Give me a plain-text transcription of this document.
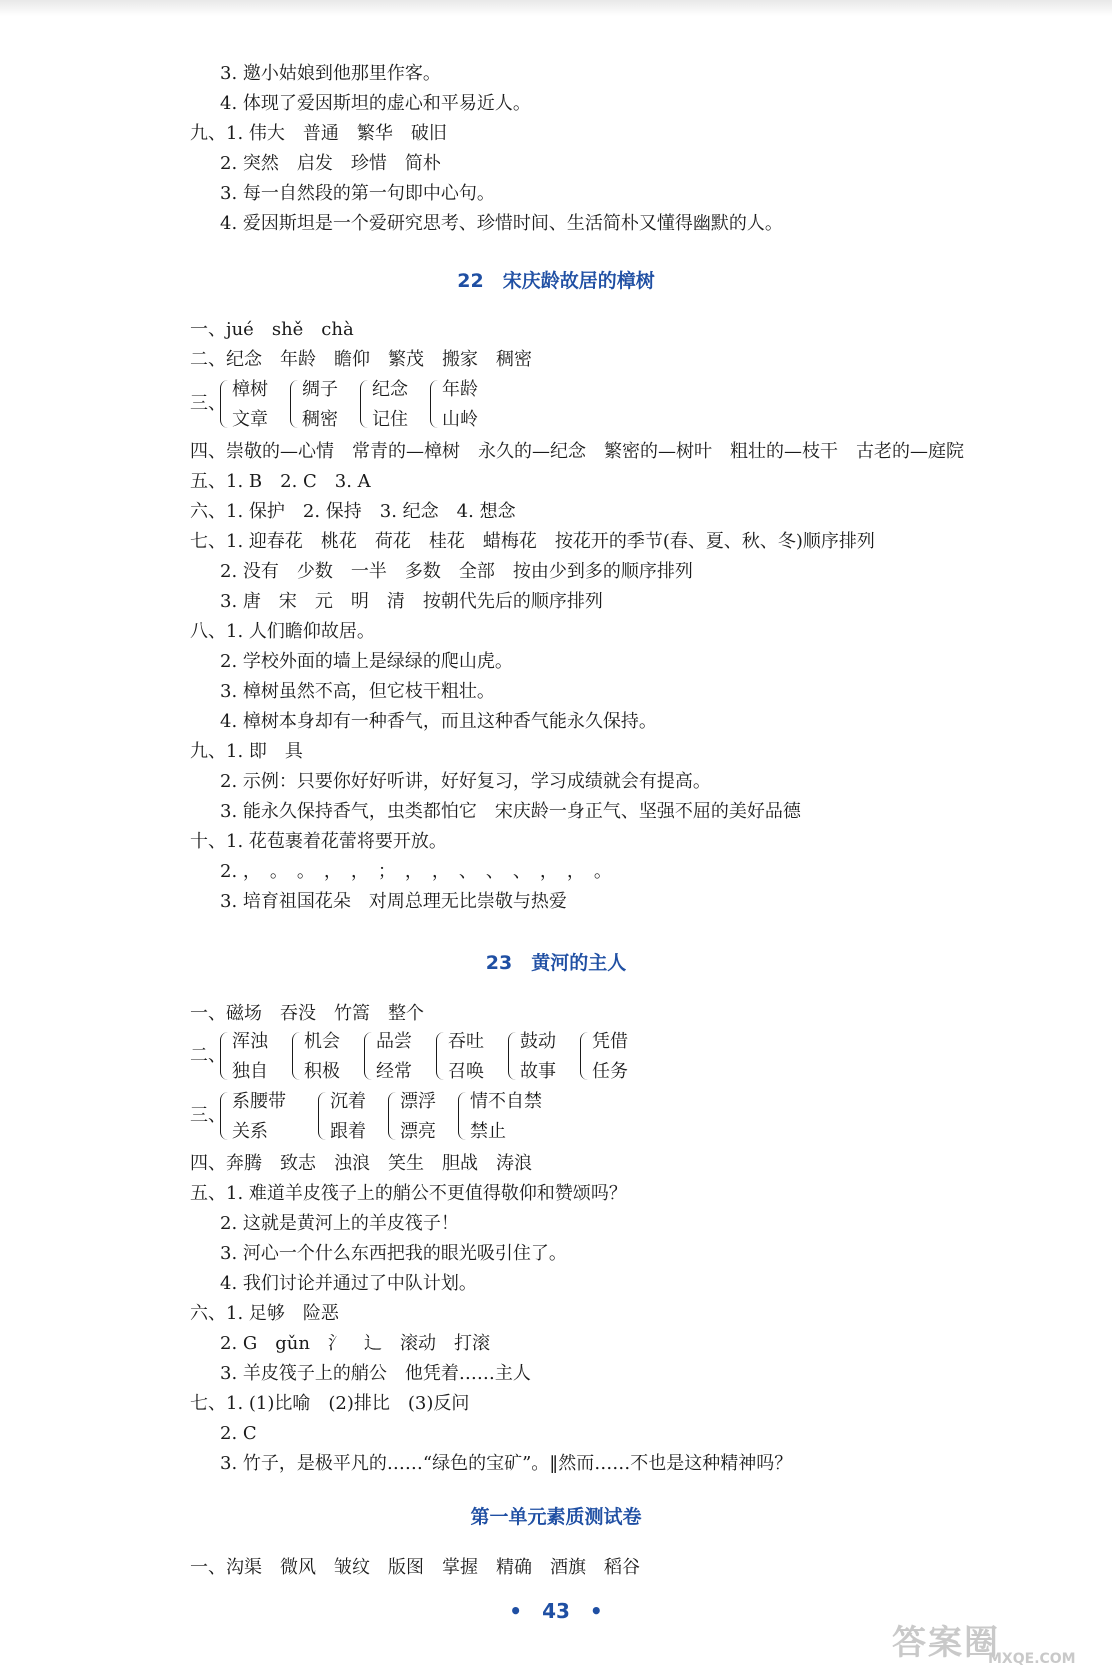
3. 邀小姑娘到他那里作客。
4. 体现了爱因斯坦的虚心和平易近人。
九、1. 伟大　普通　繁华　破旧
2. 突然　启发　珍惜　简朴
3. 每一自然段的第一句即中心句。
4. 爱因斯坦是一个爱研究思考、珍惜时间、生活简朴又懂得幽默的人。
22　宋庆龄故居的樟树
一、jué　shě　chà
二、纪念　年龄　瞻仰　繁茂　搬家　稠密
三、
樟树
文章
绸子
稠密
纪念
记住
年龄
山岭
四、崇敬的—心情　常青的—樟树　永久的—纪念　繁密的—树叶　粗壮的—枝干　古老的—庭院
五、1. B　2. C　3. A
六、1. 保护　2. 保持　3. 纪念　4. 想念
七、1. 迎春花　桃花　荷花　桂花　蜡梅花　按花开的季节(春、夏、秋、冬)顺序排列
2. 没有　少数　一半　多数　全部　按由少到多的顺序排列
3. 唐　宋　元　明　清　按朝代先后的顺序排列
八、1. 人们瞻仰故居。
2. 学校外面的墙上是绿绿的爬山虎。
3. 樟树虽然不高，但它枝干粗壮。
4. 樟树本身却有一种香气，而且这种香气能永久保持。
九、1. 即　具
2. 示例：只要你好好听讲，好好复习，学习成绩就会有提高。
3. 能永久保持香气，虫类都怕它　宋庆龄一身正气、坚强不屈的美好品德
十、1. 花苞裹着花蕾将要开放。
2. ，　。　。　，　，　；　，　，　、　、　、　，　，　。
3. 培育祖国花朵　对周总理无比崇敬与热爱
23　黄河的主人
一、磁场　吞没　竹篙　整个
二、
浑浊
独自
机会
积极
品尝
经常
吞吐
召唤
鼓动
故事
凭借
任务
三、
系腰带
关系
沉着
跟着
漂浮
漂亮
情不自禁
禁止
四、奔腾　致志　浊浪　笑生　胆战　涛浪
五、1. 难道羊皮筏子上的艄公不更值得敬仰和赞颂吗？
2. 这就是黄河上的羊皮筏子！
3. 河心一个什么东西把我的眼光吸引住了。
4. 我们讨论并通过了中队计划。
六、1. 足够　险恶
2. G　gǔn　氵　⻌　滚动　打滚
3. 羊皮筏子上的艄公　他凭着……主人
七、1. (1)比喻　(2)排比　(3)反问
2. C
3. 竹子，是极平凡的……“绿色的宝矿”。‖然而……不也是这种精神吗？
第一单元素质测试卷
一、沟渠　微风　皱纹　版图　掌握　精确　酒旗　稻谷
•　43　•
答案圈
MXQE.COM
